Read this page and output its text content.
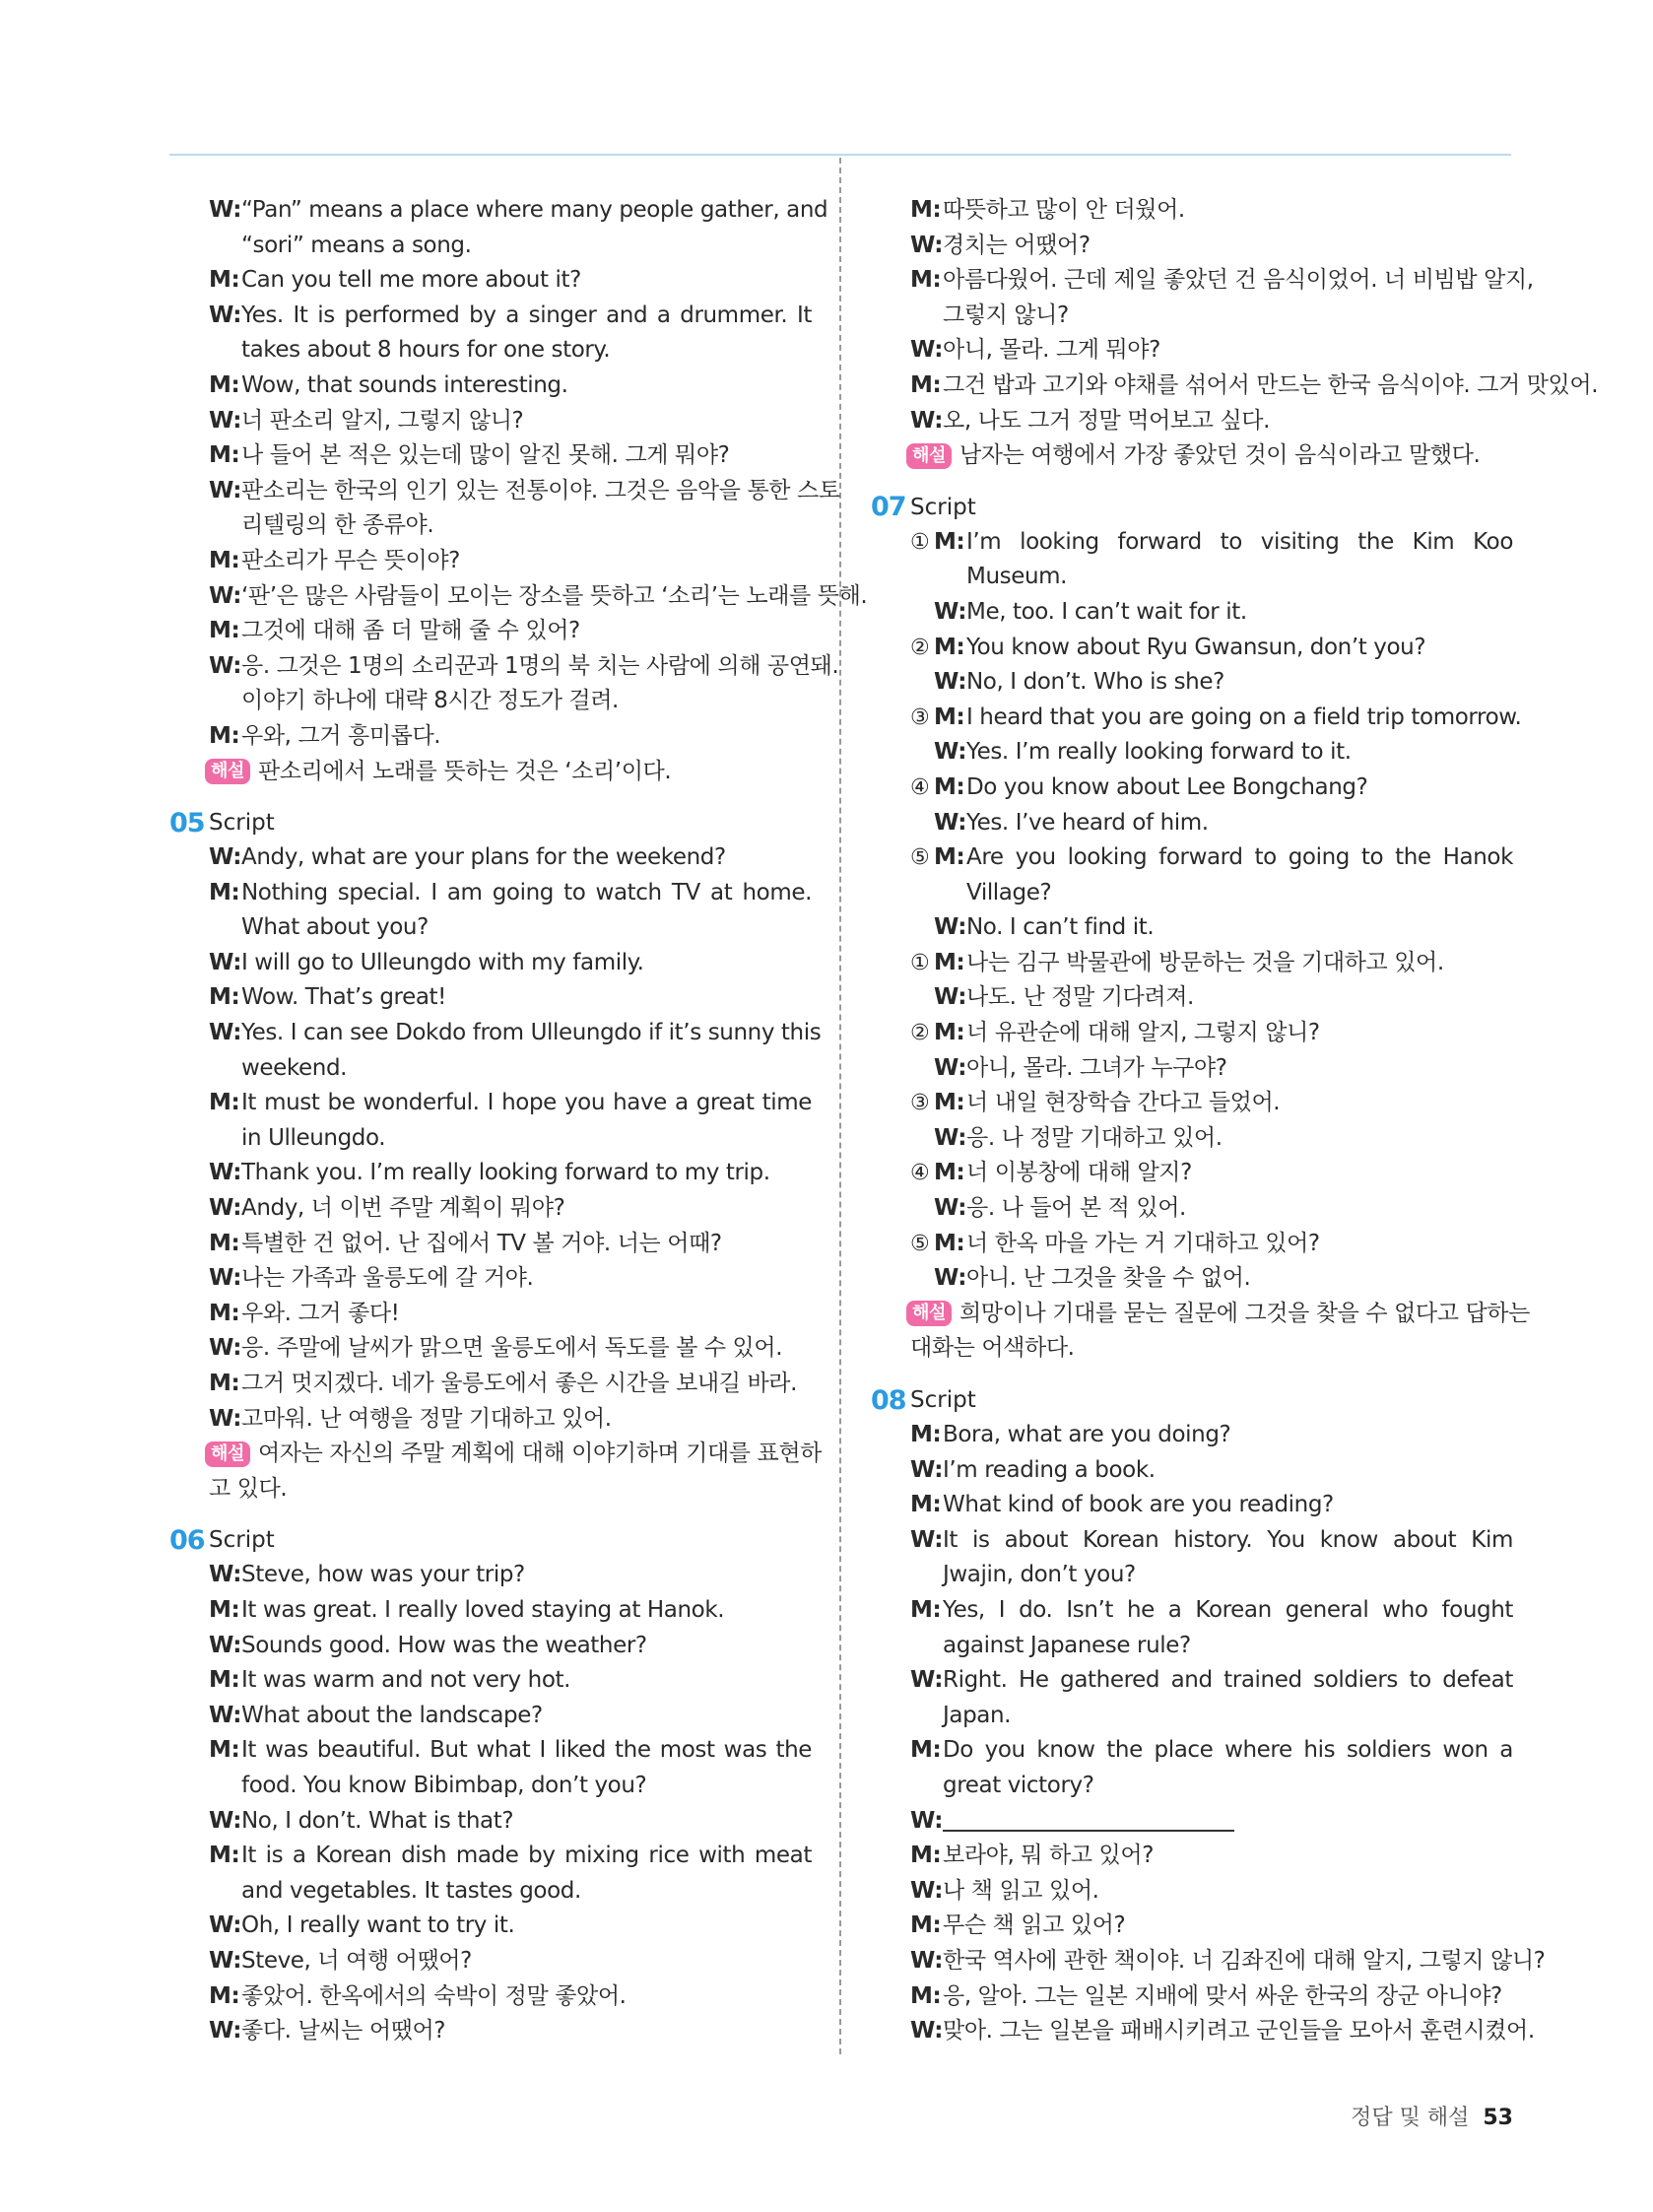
W: “Pan” means a place where many people gather, and
“sori” means a song.
M: Can you tell me more about it?
W: Yes. It is performed by a singer and a drummer. It
takes about 8 hours for one story.
M: Wow, that sounds interesting.
W: 너 판소리 알지, 그렇지 않니?
M: 나 들어 본 적은 있는데 많이 알진 못해. 그게 뭐야?
W: 판소리는 한국의 인기 있는 전통이야. 그것은 음악을 통한 스토
리텔링의 한 종류야.
M: 판소리가 무슨 뜻이야?
W: ‘판’은 많은 사람들이 모이는 장소를 뜻하고 ‘소리’는 노래를 뜻해.
M: 그것에 대해 좀 더 말해 줄 수 있어?
W: 응. 그것은 1명의 소리꾼과 1명의 북 치는 사람에 의해 공연돼.
이야기 하나에 대략 8시간 정도가 걸려.
M: 우와, 그거 흥미롭다.
해설 판소리에서 노래를 뜻하는 것은 ‘소리’이다.
05 Script
W: Andy, what are your plans for the weekend?
M: Nothing special. I am going to watch TV at home.
What about you?
W: I will go to Ulleungdo with my family.
M: Wow. That’s great!
W: Yes. I can see Dokdo from Ulleungdo if it’s sunny this
weekend.
M: It must be wonderful. I hope you have a great time
in Ulleungdo.
W: Thank you. I’m really looking forward to my trip.
W: Andy, 너 이번 주말 계획이 뭐야?
M: 특별한 건 없어. 난 집에서 TV 볼 거야. 너는 어때?
W: 나는 가족과 울릉도에 갈 거야.
M: 우와. 그거 좋다!
W: 응. 주말에 날씨가 맑으면 울릉도에서 독도를 볼 수 있어.
M: 그거 멋지겠다. 네가 울릉도에서 좋은 시간을 보내길 바라.
W: 고마워. 난 여행을 정말 기대하고 있어.
해설 여자는 자신의 주말 계획에 대해 이야기하며 기대를 표현하
고 있다.
06 Script
W: Steve, how was your trip?
M: It was great. I really loved staying at Hanok.
W: Sounds good. How was the weather?
M: It was warm and not very hot.
W: What about the landscape?
M: It was beautiful. But what I liked the most was the
food. You know Bibimbap, don’t you?
W: No, I don’t. What is that?
M: It is a Korean dish made by mixing rice with meat
and vegetables. It tastes good.
W: Oh, I really want to try it.
W: Steve, 너 여행 어땠어?
M: 좋았어. 한옥에서의 숙박이 정말 좋았어.
W: 좋다. 날씨는 어땠어?
M: 따뜻하고 많이 안 더웠어.
W: 경치는 어땠어?
M: 아름다웠어. 근데 제일 좋았던 건 음식이었어. 너 비빔밥 알지,
그렇지 않니?
W: 아니, 몰라. 그게 뭐야?
M: 그건 밥과 고기와 야채를 섞어서 만드는 한국 음식이야. 그거 맛있어.
W: 오, 나도 그거 정말 먹어보고 싶다.
해설 남자는 여행에서 가장 좋았던 것이 음식이라고 말했다.
07 Script
① M: I’m looking forward to visiting the Kim Koo
Museum.
W: Me, too. I can’t wait for it.
② M: You know about Ryu Gwansun, don’t you?
W: No, I don’t. Who is she?
③ M: I heard that you are going on a field trip tomorrow.
W: Yes. I’m really looking forward to it.
④ M: Do you know about Lee Bongchang?
W: Yes. I’ve heard of him.
⑤ M: Are you looking forward to going to the Hanok
Village?
W: No. I can’t find it.
① M: 나는 김구 박물관에 방문하는 것을 기대하고 있어.
W: 나도. 난 정말 기다려져.
② M: 너 유관순에 대해 알지, 그렇지 않니?
W: 아니, 몰라. 그녀가 누구야?
③ M: 너 내일 현장학습 간다고 들었어.
W: 응. 나 정말 기대하고 있어.
④ M: 너 이봉창에 대해 알지?
W: 응. 나 들어 본 적 있어.
⑤ M: 너 한옥 마을 가는 거 기대하고 있어?
W: 아니. 난 그것을 찾을 수 없어.
해설 희망이나 기대를 묻는 질문에 그것을 찾을 수 없다고 답하는
대화는 어색하다.
08 Script
M: Bora, what are you doing?
W: I’m reading a book.
M: What kind of book are you reading?
W: It is about Korean history. You know about Kim
Jwajin, don’t you?
M: Yes, I do. Isn’t he a Korean general who fought
against Japanese rule?
W: Right. He gathered and trained soldiers to defeat
Japan.
M: Do you know the place where his soldiers won a
great victory?
W:
M: 보라야, 뭐 하고 있어?
W: 나 책 읽고 있어.
M: 무슨 책 읽고 있어?
W: 한국 역사에 관한 책이야. 너 김좌진에 대해 알지, 그렇지 않니?
M: 응, 알아. 그는 일본 지배에 맞서 싸운 한국의 장군 아니야?
W: 맞아. 그는 일본을 패배시키려고 군인들을 모아서 훈련시켰어.
정답 및 해설 53
